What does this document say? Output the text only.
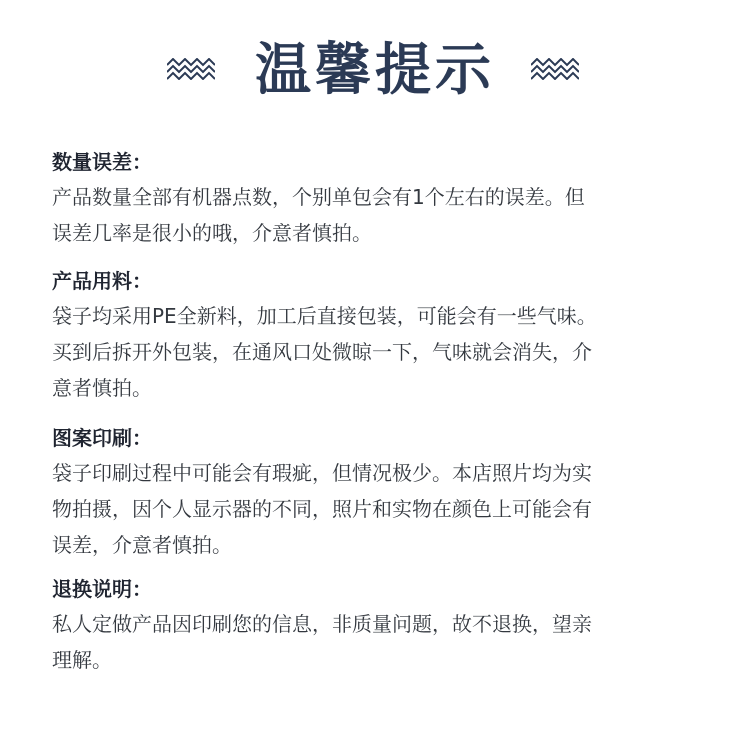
温馨提示
数量误差：
产品数量全部有机器点数，个别单包会有1个左右的误差。但
误差几率是很小的哦，介意者慎拍。
产品用料：
袋子均采用PE全新料，加工后直接包装，可能会有一些气味。
买到后拆开外包装，在通风口处微晾一下，气味就会消失，介
意者慎拍。
图案印刷：
袋子印刷过程中可能会有瑕疵，但情况极少。本店照片均为实
物拍摄，因个人显示器的不同，照片和实物在颜色上可能会有
误差，介意者慎拍。
退换说明：
私人定做产品因印刷您的信息，非质量问题，故不退换，望亲
理解。
